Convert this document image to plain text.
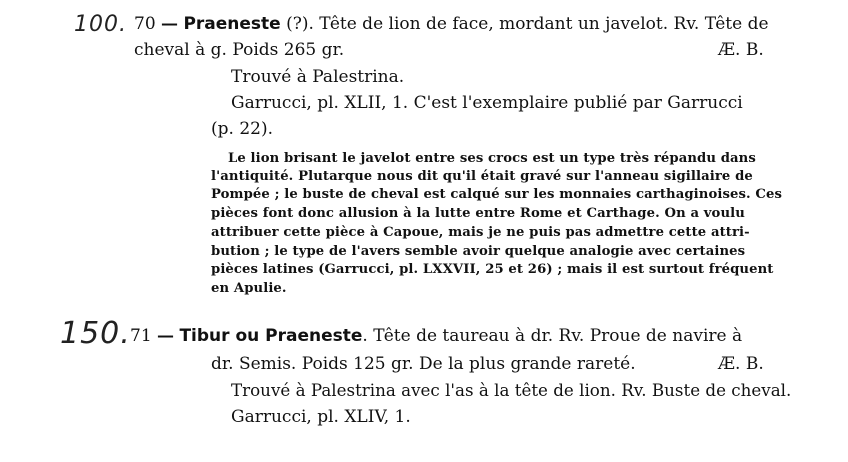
100. 70 — Praeneste (?). Tête de lion de face, mordant un javelot. Rv. Tête de
cheval à g. Poids 265 gr.	Æ. B.
Trouvé à Palestrina.
Garrucci, pl. XLII, 1. C'est l'exemplaire publié par Garrucci
(p. 22).
Le lion brisant le javelot entre ses crocs est un type très répandu dans
l'antiquité. Plutarque nous dit qu'il était gravé sur l'anneau sigillaire de
Pompée ; le buste de cheval est calqué sur les monnaies carthaginoises. Ces
pièces font donc allusion à la lutte entre Rome et Carthage. On a voulu
attribuer cette pièce à Capoue, mais je ne puis pas admettre cette attri-
bution ; le type de l'avers semble avoir quelque analogie avec certaines
pièces latines (Garrucci, pl. LXXVII, 25 et 26) ; mais il est surtout fréquent
en Apulie.
150. 71 — Tibur ou Praeneste. Tête de taureau à dr. Rv. Proue de navire à
dr. Semis. Poids 125 gr. De la plus grande rareté.	Æ. B.
Trouvé à Palestrina avec l'as à la tête de lion. Rv. Buste de cheval.
Garrucci, pl. XLIV, 1.
